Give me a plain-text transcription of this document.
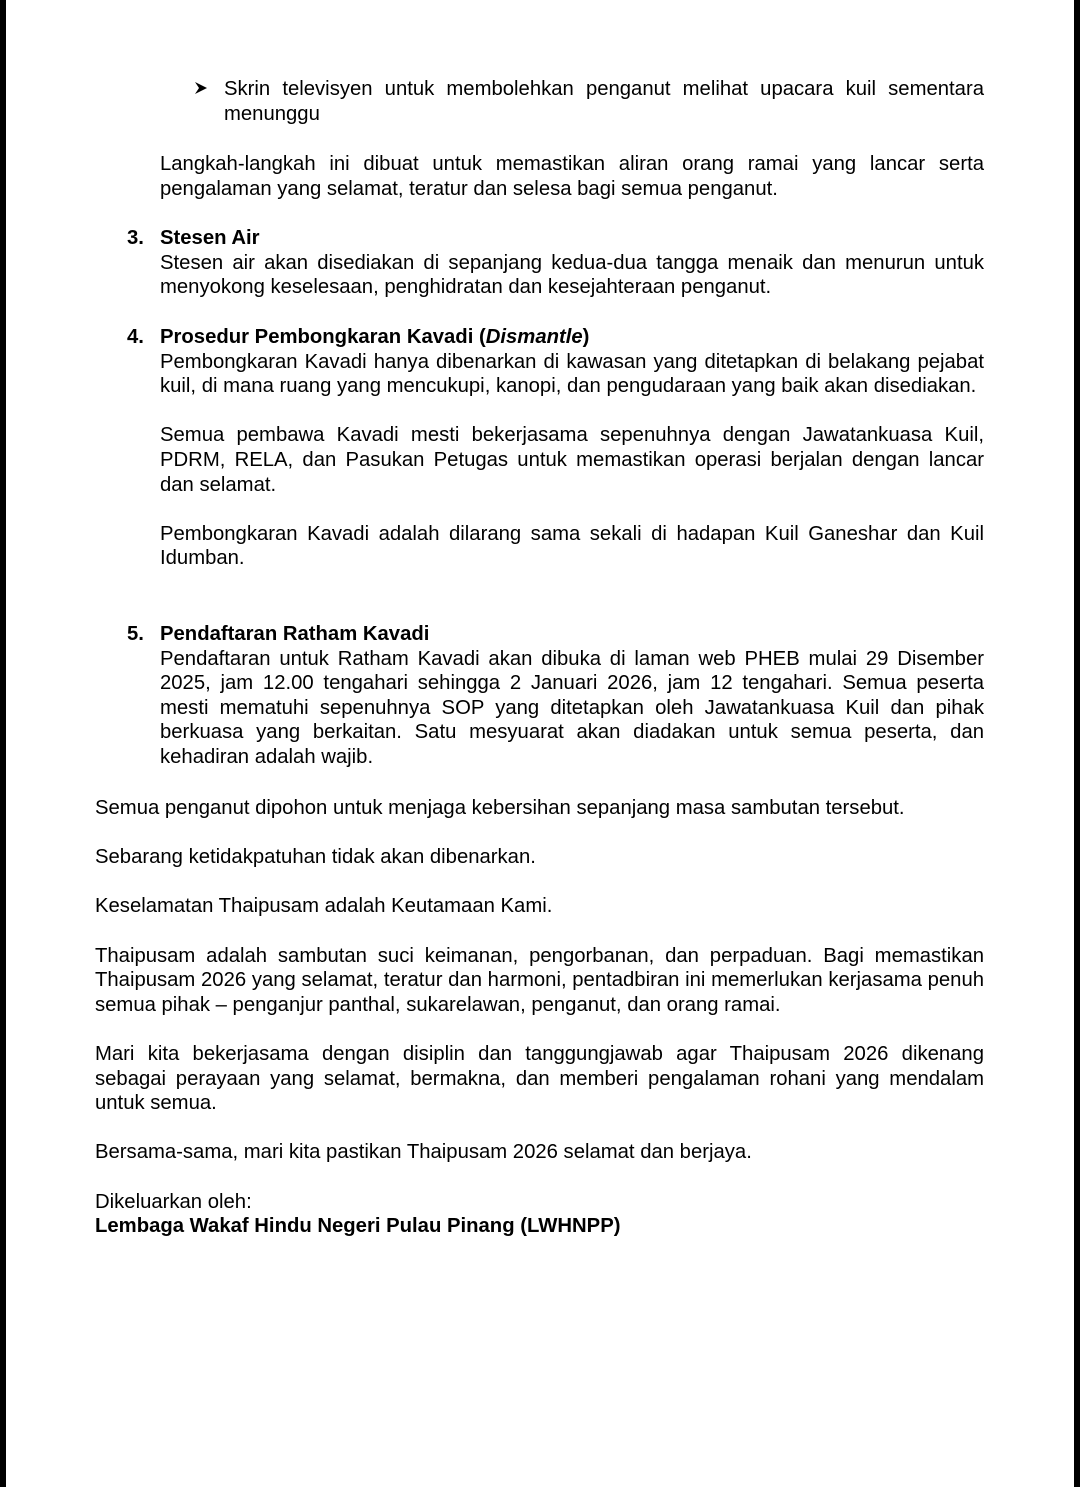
Skrin televisyen untuk membolehkan penganut melihat upacara kuil sementara menunggu
Langkah-langkah ini dibuat untuk memastikan aliran orang ramai yang lancar serta pengalaman yang selamat, teratur dan selesa bagi semua penganut.
3. Stesen Air

Stesen air akan disediakan di sepanjang kedua-dua tangga menaik dan menurun untuk menyokong keselesaan, penghidratan dan kesejahteraan penganut.

4. Prosedur Pembongkaran Kavadi (Dismantle)

Pembongkaran Kavadi hanya dibenarkan di kawasan yang ditetapkan di belakang pejabat kuil, di mana ruang yang mencukupi, kanopi, dan pengudaraan yang baik akan disediakan.

Semua pembawa Kavadi mesti bekerjasama sepenuhnya dengan Jawatankuasa Kuil, PDRM, RELA, dan Pasukan Petugas untuk memastikan operasi berjalan dengan lancar dan selamat.

Pembongkaran Kavadi adalah dilarang sama sekali di hadapan Kuil Ganeshar dan Kuil Idumban.

5. Pendaftaran Ratham Kavadi

Pendaftaran untuk Ratham Kavadi akan dibuka di laman web PHEB mulai 29 Disember 2025, jam 12.00 tengahari sehingga 2 Januari 2026, jam 12 tengahari. Semua peserta mesti mematuhi sepenuhnya SOP yang ditetapkan oleh Jawatankuasa Kuil dan pihak berkuasa yang berkaitan. Satu mesyuarat akan diadakan untuk semua peserta, dan kehadiran adalah wajib.

Semua penganut dipohon untuk menjaga kebersihan sepanjang masa sambutan tersebut.

Sebarang ketidakpatuhan tidak akan dibenarkan.

Keselamatan Thaipusam adalah Keutamaan Kami.

Thaipusam adalah sambutan suci keimanan, pengorbanan, dan perpaduan. Bagi memastikan Thaipusam 2026 yang selamat, teratur dan harmoni, pentadbiran ini memerlukan kerjasama penuh semua pihak – penganjur panthal, sukarelawan, penganut, dan orang ramai.

Mari kita bekerjasama dengan disiplin dan tanggungjawab agar Thaipusam 2026 dikenang sebagai perayaan yang selamat, bermakna, dan memberi pengalaman rohani yang mendalam untuk semua.

Bersama-sama, mari kita pastikan Thaipusam 2026 selamat dan berjaya.

Dikeluarkan oleh:

Lembaga Wakaf Hindu Negeri Pulau Pinang (LWHNPP)
